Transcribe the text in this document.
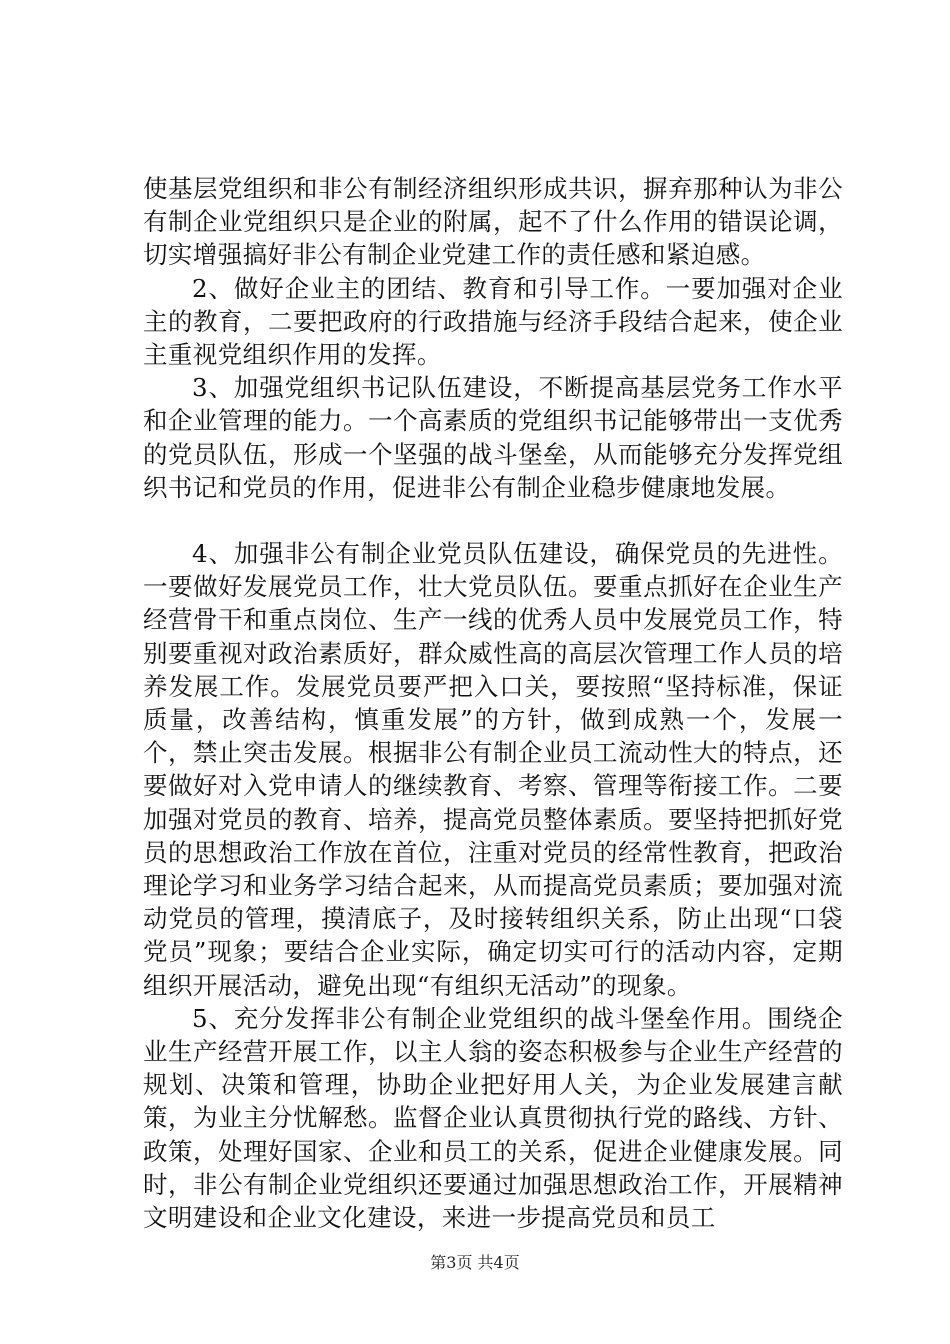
使基层党组织和非公有制经济组织形成共识，摒弃那种认为非公有制企业党组织只是企业的附属，起不了什么作用的错误论调，切实增强搞好非公有制企业党建工作的责任感和紧迫感。

2、做好企业主的团结、教育和引导工作。一要加强对企业主的教育，二要把政府的行政措施与经济手段结合起来，使企业主重视党组织作用的发挥。

3、加强党组织书记队伍建设，不断提高基层党务工作水平和企业管理的能力。一个高素质的党组织书记能够带出一支优秀的党员队伍，形成一个坚强的战斗堡垒，从而能够充分发挥党组织书记和党员的作用，促进非公有制企业稳步健康地发展。

4、加强非公有制企业党员队伍建设，确保党员的先进性。一要做好发展党员工作，壮大党员队伍。要重点抓好在企业生产经营骨干和重点岗位、生产一线的优秀人员中发展党员工作，特别要重视对政治素质好，群众威性高的高层次管理工作人员的培养发展工作。发展党员要严把入口关，要按照“坚持标准，保证质量，改善结构，慎重发展”的方针，做到成熟一个，发展一个，禁止突击发展。根据非公有制企业员工流动性大的特点，还要做好对入党申请人的继续教育、考察、管理等衔接工作。二要加强对党员的教育、培养，提高党员整体素质。要坚持把抓好党员的思想政治工作放在首位，注重对党员的经常性教育，把政治理论学习和业务学习结合起来，从而提高党员素质；要加强对流动党员的管理，摸清底子，及时接转组织关系，防止出现“口袋党员”现象；要结合企业实际，确定切实可行的活动内容，定期组织开展活动，避免出现“有组织无活动”的现象。

5、充分发挥非公有制企业党组织的战斗堡垒作用。围绕企业生产经营开展工作，以主人翁的姿态积极参与企业生产经营的规划、决策和管理，协助企业把好用人关，为企业发展建言献策，为业主分忧解愁。监督企业认真贯彻执行党的路线、方针、政策，处理好国家、企业和员工的关系，促进企业健康发展。同时，非公有制企业党组织还要通过加强思想政治工作，开展精神文明建设和企业文化建设，来进一步提高党员和员工

第3页 共4页
